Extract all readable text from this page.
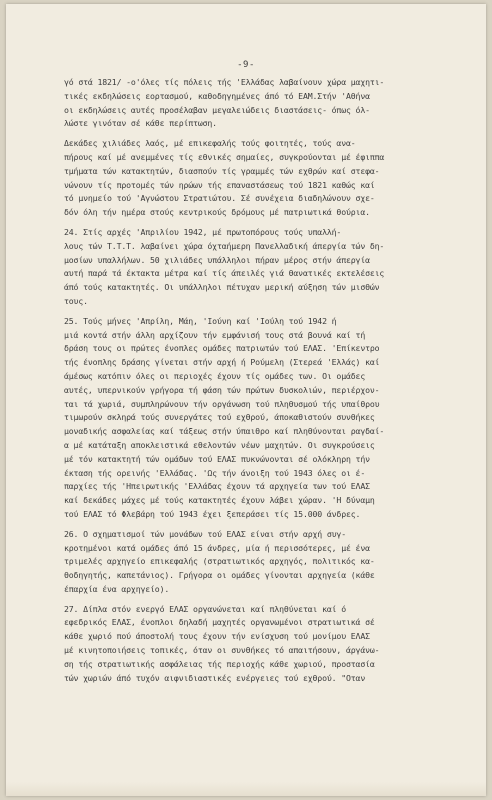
-9-
γό στά 1821/ -ο'όλες τίς πόλεις τής 'Ελλάδας λαβαίνουν χώρα μαχητι-
τικές εκδηλώσεις εορτασμού, καθοδηγημένες άπό τό ΕΑΜ.Στήν 'Αθήνα
οι εκδηλώσεις αυτές προσέλαβαν μεγαλειώδεις διαστάσεις- όπως όλ-
λώστε γινόταν σέ κάθε περίπτωση.
Δεκάδες χιλιάδες λαός, μέ επικεφαλής τούς φοιτητές, τούς ανα-
πήρους καί μέ ανεμμένες τίς εθνικές σημαίες, συγκρούονται μέ έφιππα
τμήματα τών κατακτητών, διασπούν τίς γραμμές τών εχθρών καί στεφα-
νώνουν τίς προτομές τών ηρώων τής επαναστάσεως τού 1821 καθώς καί
τό μνημείο τού 'Αγνώστου Στρατιώτου. Σέ συνέχεια διαδηλώνουν σχε-
δόν όλη τήν ημέρα στούς κεντρικούς δρόμους μέ πατριωτικά θούρια.
24. Στίς αρχές 'Απριλίου 1942, μέ πρωτοπόρους τούς υπαλλή-
λους τών Τ.Τ.Τ. λαβαίνει χώρα όχταήμερη Πανελλαδική άπεργία τών δη-
μοσίων υπαλλήλων. 50 χιλιάδες υπάλληλοι πήραν μέρος στήν άπεργία
αυτή παρά τά έκτακτα μέτρα καί τίς άπειλές γιά θανατικές εκτελέσεις
άπό τούς κατακτητές. Οι υπάλληλοι πέτυχαν μερική αύξηση τών μισθών
τους.
25. Τούς μήνες 'Απρίλη, Μάη, 'Ιούνη καί 'Ιούλη τού 1942 ή
μιά κοντά στήν άλλη αρχίζουν τήν εμφάνισή τους στά βουνά καί τή
δράση τους οι πρώτες ένοπλες ομάδες πατριωτών τού ΕΛΑΣ. 'Επίκεντρο
τής ένοπλης δράσης γίνεται στήν αρχή ή Ρούμελη (Στερεά 'Ελλάς) καί
άμέσως κατόπιν όλες οι περιοχές έχουν τίς ομάδες των. Οι ομάδες
αυτές, υπερνικούν γρήγορα τή φάση τών πρώτων δυσκολιών, περιέρχον-
ται τά χωριά, συμπληρώνουν τήν οργάνωση τού πληθυσμού τής υπαίθρου
τιμωρούν σκληρά τούς συνεργάτες τού εχθρού, άποκαθιστούν συνθήκες
μοναδικής ασφαλείας καί τάξεως στήν ύπαιθρο καί πληθύνονται ραγδαί-
α μέ κατάταξη αποκλειστικά εθελοντών νέων μαχητών. Οι συγκρούσεις
μέ τόν κατακτητή τών ομάδων τού ΕΛΑΣ πυκνώνονται σέ ολόκληρη τήν
έκταση τής ορεινής 'Ελλάδας. 'Ως τήν άνοιξη τού 1943 όλες οι έ-
παρχίες τής 'Ηπειρωτικής 'Ελλάδας έχουν τά αρχηγεία των τού ΕΛΑΣ
καί δεκάδες μάχες μέ τούς κατακτητές έχουν λάβει χώραν. 'Η δύναμη
τού ΕΛΑΣ τό Φλεβάρη τού 1943 έχει ξεπεράσει τίς 15.000 άνδρες.
26. Ο σχηματισμοί τών μονάδων τού ΕΛΑΣ είναι στήν αρχή συγ-
κροτημένοι κατά ομάδες άπό 15 άνδρες, μία ή περισσότερες, μέ ένα
τριμελές αρχηγείο επικεφαλής (στρατιωτικός αρχηγός, πολιτικός κα-
θοδηγητής, καπετάνιος). Γρήγορα οι ομάδες γίνονται αρχηγεία (κάθε
έπαρχία ένα αρχηγείο).
27. Δίπλα στόν ενεργό ΕΛΑΣ οργανώνεται καί πληθύνεται καί ό
εφεδρικός ΕΛΑΣ, ένοπλοι δηλαδή μαχητές οργανωμένοι στρατιωτικά σέ
κάθε χωριό πού άποστολή τους έχουν τήν ενίσχυση τού μονίμου ΕΛΑΣ
μέ κινητοποιήσεις τοπικές, όταν οι συνθήκες τό απαιτήσουν, άργάνω-
ση τής στρατιωτικής ασφάλειας τής περιοχής κάθε χωριού, προστασία
τών χωριών άπό τυχόν αιφνιδιαστικές ενέργειες τού εχθρού. "Οταν
